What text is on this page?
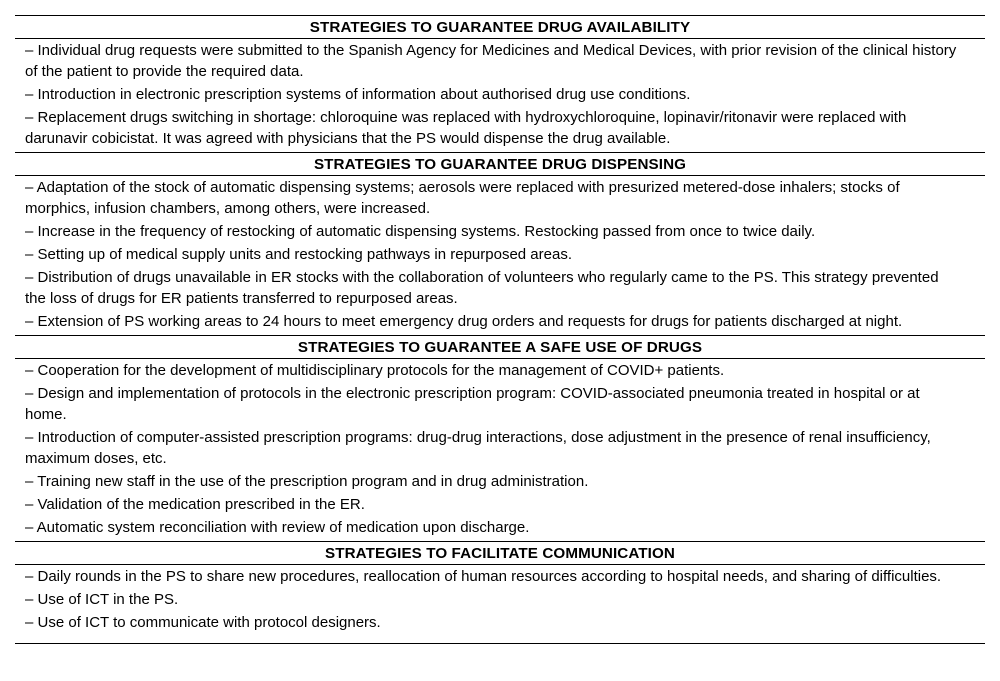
STRATEGIES TO GUARANTEE DRUG AVAILABILITY
– Individual drug requests were submitted to the Spanish Agency for Medicines and Medical Devices, with prior revision of the clinical history of the patient to provide the required data.
– Introduction in electronic prescription systems of information about authorised drug use conditions.
– Replacement drugs switching in shortage: chloroquine was replaced with hydroxychloroquine, lopinavir/ritonavir were replaced with darunavir cobicistat. It was agreed with physicians that the PS would dispense the drug available.
STRATEGIES TO GUARANTEE DRUG DISPENSING
– Adaptation of the stock of automatic dispensing systems; aerosols were replaced with presurized metered-dose inhalers; stocks of morphics, infusion chambers, among others, were increased.
– Increase in the frequency of restocking of automatic dispensing systems. Restocking passed from once to twice daily.
– Setting up of medical supply units and restocking pathways in repurposed areas.
– Distribution of drugs unavailable in ER stocks with the collaboration of volunteers who regularly came to the PS. This strategy prevented the loss of drugs for ER patients transferred to repurposed areas.
– Extension of PS working areas to 24 hours to meet emergency drug orders and requests for drugs for patients discharged at night.
STRATEGIES TO GUARANTEE A SAFE USE OF DRUGS
– Cooperation for the development of multidisciplinary protocols for the management of COVID+ patients.
– Design and implementation of protocols in the electronic prescription program: COVID-associated pneumonia treated in hospital or at home.
– Introduction of computer-assisted prescription programs: drug-drug interactions, dose adjustment in the presence of renal insufficiency, maximum doses, etc.
– Training new staff in the use of the prescription program and in drug administration.
– Validation of the medication prescribed in the ER.
– Automatic system reconciliation with review of medication upon discharge.
STRATEGIES TO FACILITATE COMMUNICATION
– Daily rounds in the PS to share new procedures, reallocation of human resources according to hospital needs, and sharing of difficulties.
– Use of ICT in the PS.
– Use of ICT to communicate with protocol designers.
